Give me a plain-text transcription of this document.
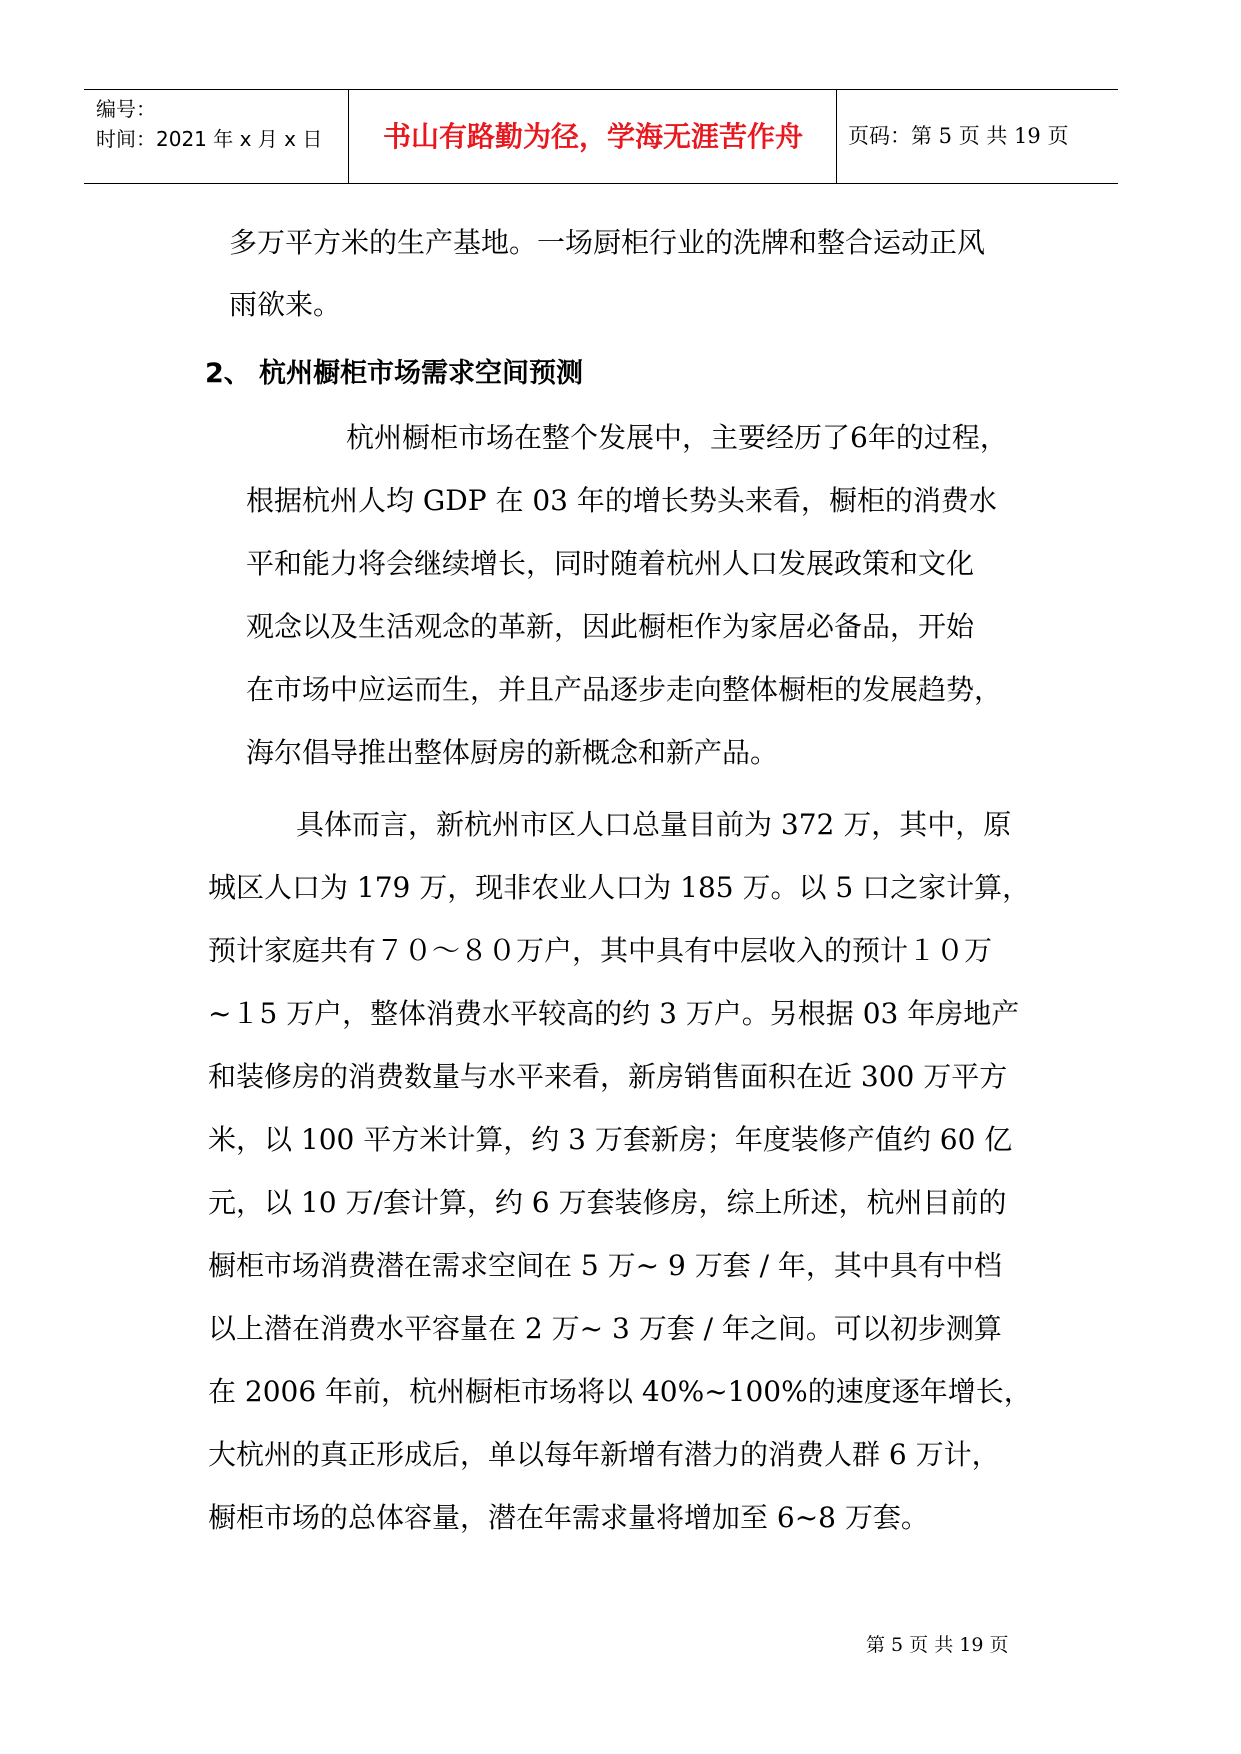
编号：
时间：2021 年 x 月 x 日	书山有路勤为径，学海无涯苦作舟	页码：第 5 页 共 19 页
多万平方米的生产基地。一场厨柜行业的洗牌和整合运动正风
雨欲来。
2、 杭州橱柜市场需求空间预测
杭州橱柜市场在整个发展中，主要经历了6年的过程，
根据杭州人均 GDP 在 03 年的增长势头来看，橱柜的消费水
平和能力将会继续增长，同时随着杭州人口发展政策和文化
观念以及生活观念的革新，因此橱柜作为家居必备品，开始
在市场中应运而生，并且产品逐步走向整体橱柜的发展趋势，
海尔倡导推出整体厨房的新概念和新产品。
具体而言，新杭州市区人口总量目前为 372 万，其中，原
城区人口为 179 万，现非农业人口为 185 万。以 5 口之家计算，
预计家庭共有７０～８０万户，其中具有中层收入的预计１０万
~１5 万户，整体消费水平较高的约 3 万户。另根据 03 年房地产
和装修房的消费数量与水平来看，新房销售面积在近 300 万平方
米，以 100 平方米计算，约 3 万套新房；年度装修产值约 60 亿
元，以 10 万/套计算，约 6 万套装修房，综上所述，杭州目前的
橱柜市场消费潜在需求空间在 5 万~ 9 万套 / 年，其中具有中档
以上潜在消费水平容量在 2 万~ 3 万套 / 年之间。可以初步测算
在 2006 年前，杭州橱柜市场将以 40%~100%的速度逐年增长，
大杭州的真正形成后，单以每年新增有潜力的消费人群 6 万计，
橱柜市场的总体容量，潜在年需求量将增加至 6~8 万套。
第 5 页 共 19 页
